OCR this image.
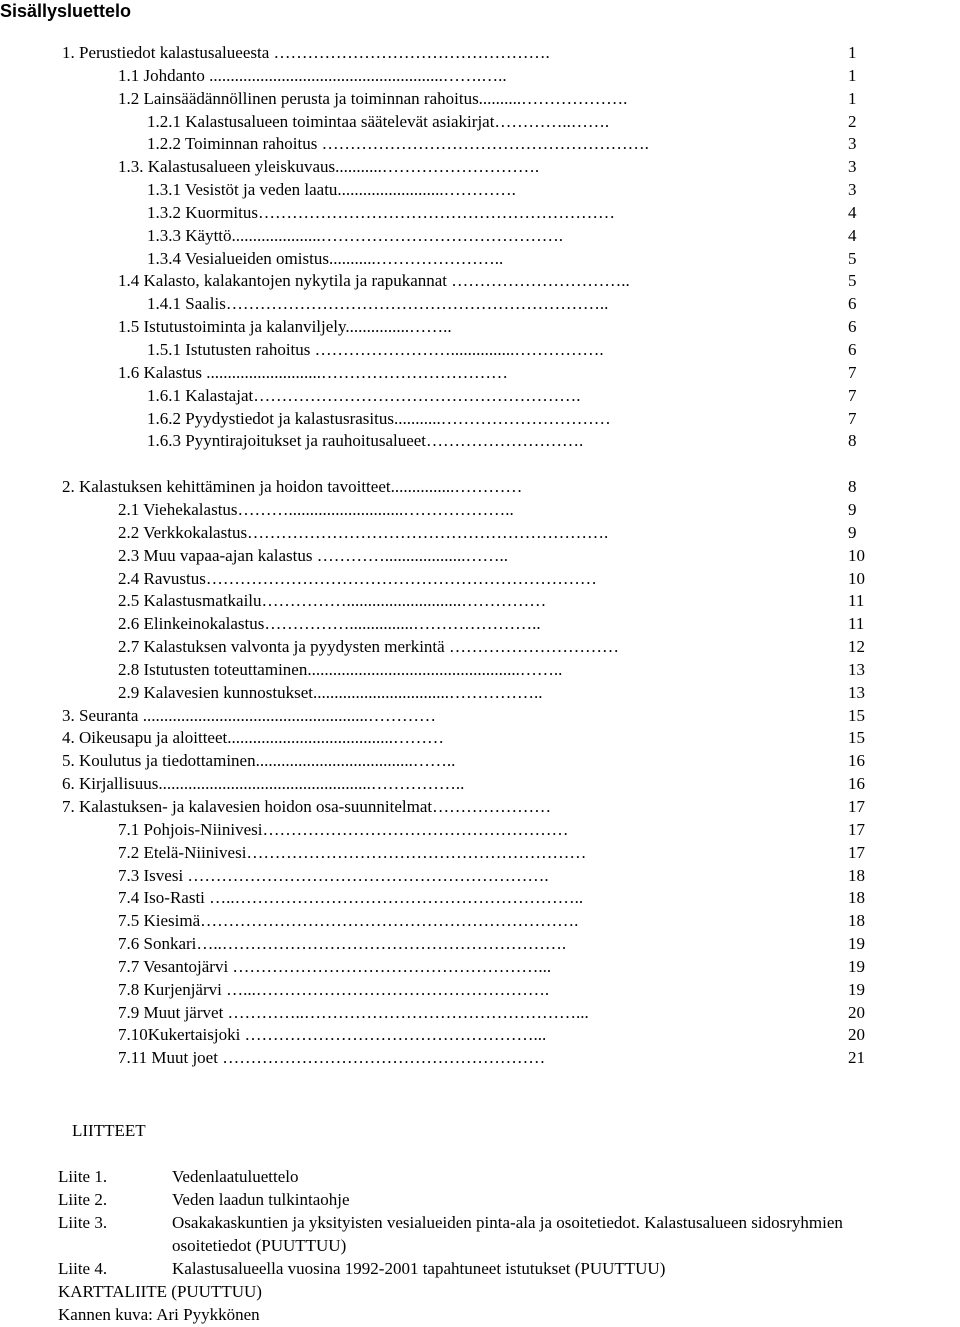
Sisällysluettelo
1. Perustiedot kalastusalueesta ………………………………………….	1
1.1 Johdanto .......................................................…….…..	1
1.2 Lainsäädännöllinen perusta ja toiminnan rahoitus..........……………….	1
1.2.1 Kalastusalueen toimintaa säätelevät asiakirjat…………..…….	2
1.2.2 Toiminnan rahoitus ………………………………………………….	3
1.3. Kalastusalueen yleiskuvaus...........……………………….	3
1.3.1 Vesistöt ja veden laatu.........................………….	3
1.3.2 Kuormitus………………………………………………………	4
1.3.3 Käyttö.....................…………………………………….	4
1.3.4 Vesialueiden omistus...........…………………..	5
1.4 Kalasto, kalakantojen nykytila ja rapukannat …………………………..	5
1.4.1 Saalis…………………………………………………………..	6
1.5 Istutustoiminta ja kalanviljely...............……..	6
1.5.1 Istutusten rahoitus ……………………...............…………….	6
1.6 Kalastus ...........................……………………………	7
1.6.1 Kalastajat………………………………………………….	7
1.6.2 Pyydystiedot ja kalastusrasitus...........…………………………	7
1.6.3 Pyyntirajoitukset ja rauhoitusalueet……………………….	8
2. Kalastuksen kehittäminen ja hoidon tavoitteet...............…………	8
2.1 Viehekalastus………...........................………………..	9
2.2 Verkkokalastus……………………………………………………….	9
2.3 Muu vapaa-ajan kalastus …………...................……..	10
2.4 Ravustus……………………………………………………………	10
2.5 Kalastusmatkailu……………...........................……………	11
2.6 Elinkeinokalastus……………...............…………………..	11
2.7 Kalastuksen valvonta ja pyydysten merkintä …………………………	12
2.8 Istutusten toteuttaminen..................................................……..	13
2.9 Kalavesien kunnostukset................................……………..	13
3. Seuranta .....................................................…………	15
4. Oikeusapu ja aloitteet.......................................………	15
5. Koulutus ja tiedottaminen.....................................……..	16
6. Kirjallisuus..................................................……………..	16
7. Kalastuksen- ja kalavesien hoidon osa-suunnitelmat…………………	17
7.1 Pohjois-Niinivesi………………………………………………	17
7.2 Etelä-Niinivesi……………………………………………………	17
7.3 Isvesi ……………………………………………………….	18
7.4 Iso-Rasti …..……………………………………………………..	18
7.5 Kiesimä………………………………………………………….	18
7.6 Sonkari…..…………………………………………………….	19
7.7 Vesantojärvi ………………………………………………...	19
7.8 Kurjenjärvi …...…………………………………………….	19
7.9 Muut järvet …………..…………………………………………...	20
7.10Kukertaisjoki ……………………………………………...	20
7.11 Muut joet …………………………………………………	21
LIITTEET
Liite 1.	Vedenlaatuluettelo
Liite 2.	Veden laadun tulkintaohje
Liite 3.	Osakakaskuntien ja yksityisten vesialueiden pinta-ala ja osoitetiedot. Kalastusalueen sidosryhmien
osoitetiedot (PUUTTUU)
Liite 4.	Kalastusalueella vuosina 1992-2001 tapahtuneet istutukset (PUUTTUU)
KARTTALIITE (PUUTTUU)
Kannen kuva: Ari Pyykkönen
